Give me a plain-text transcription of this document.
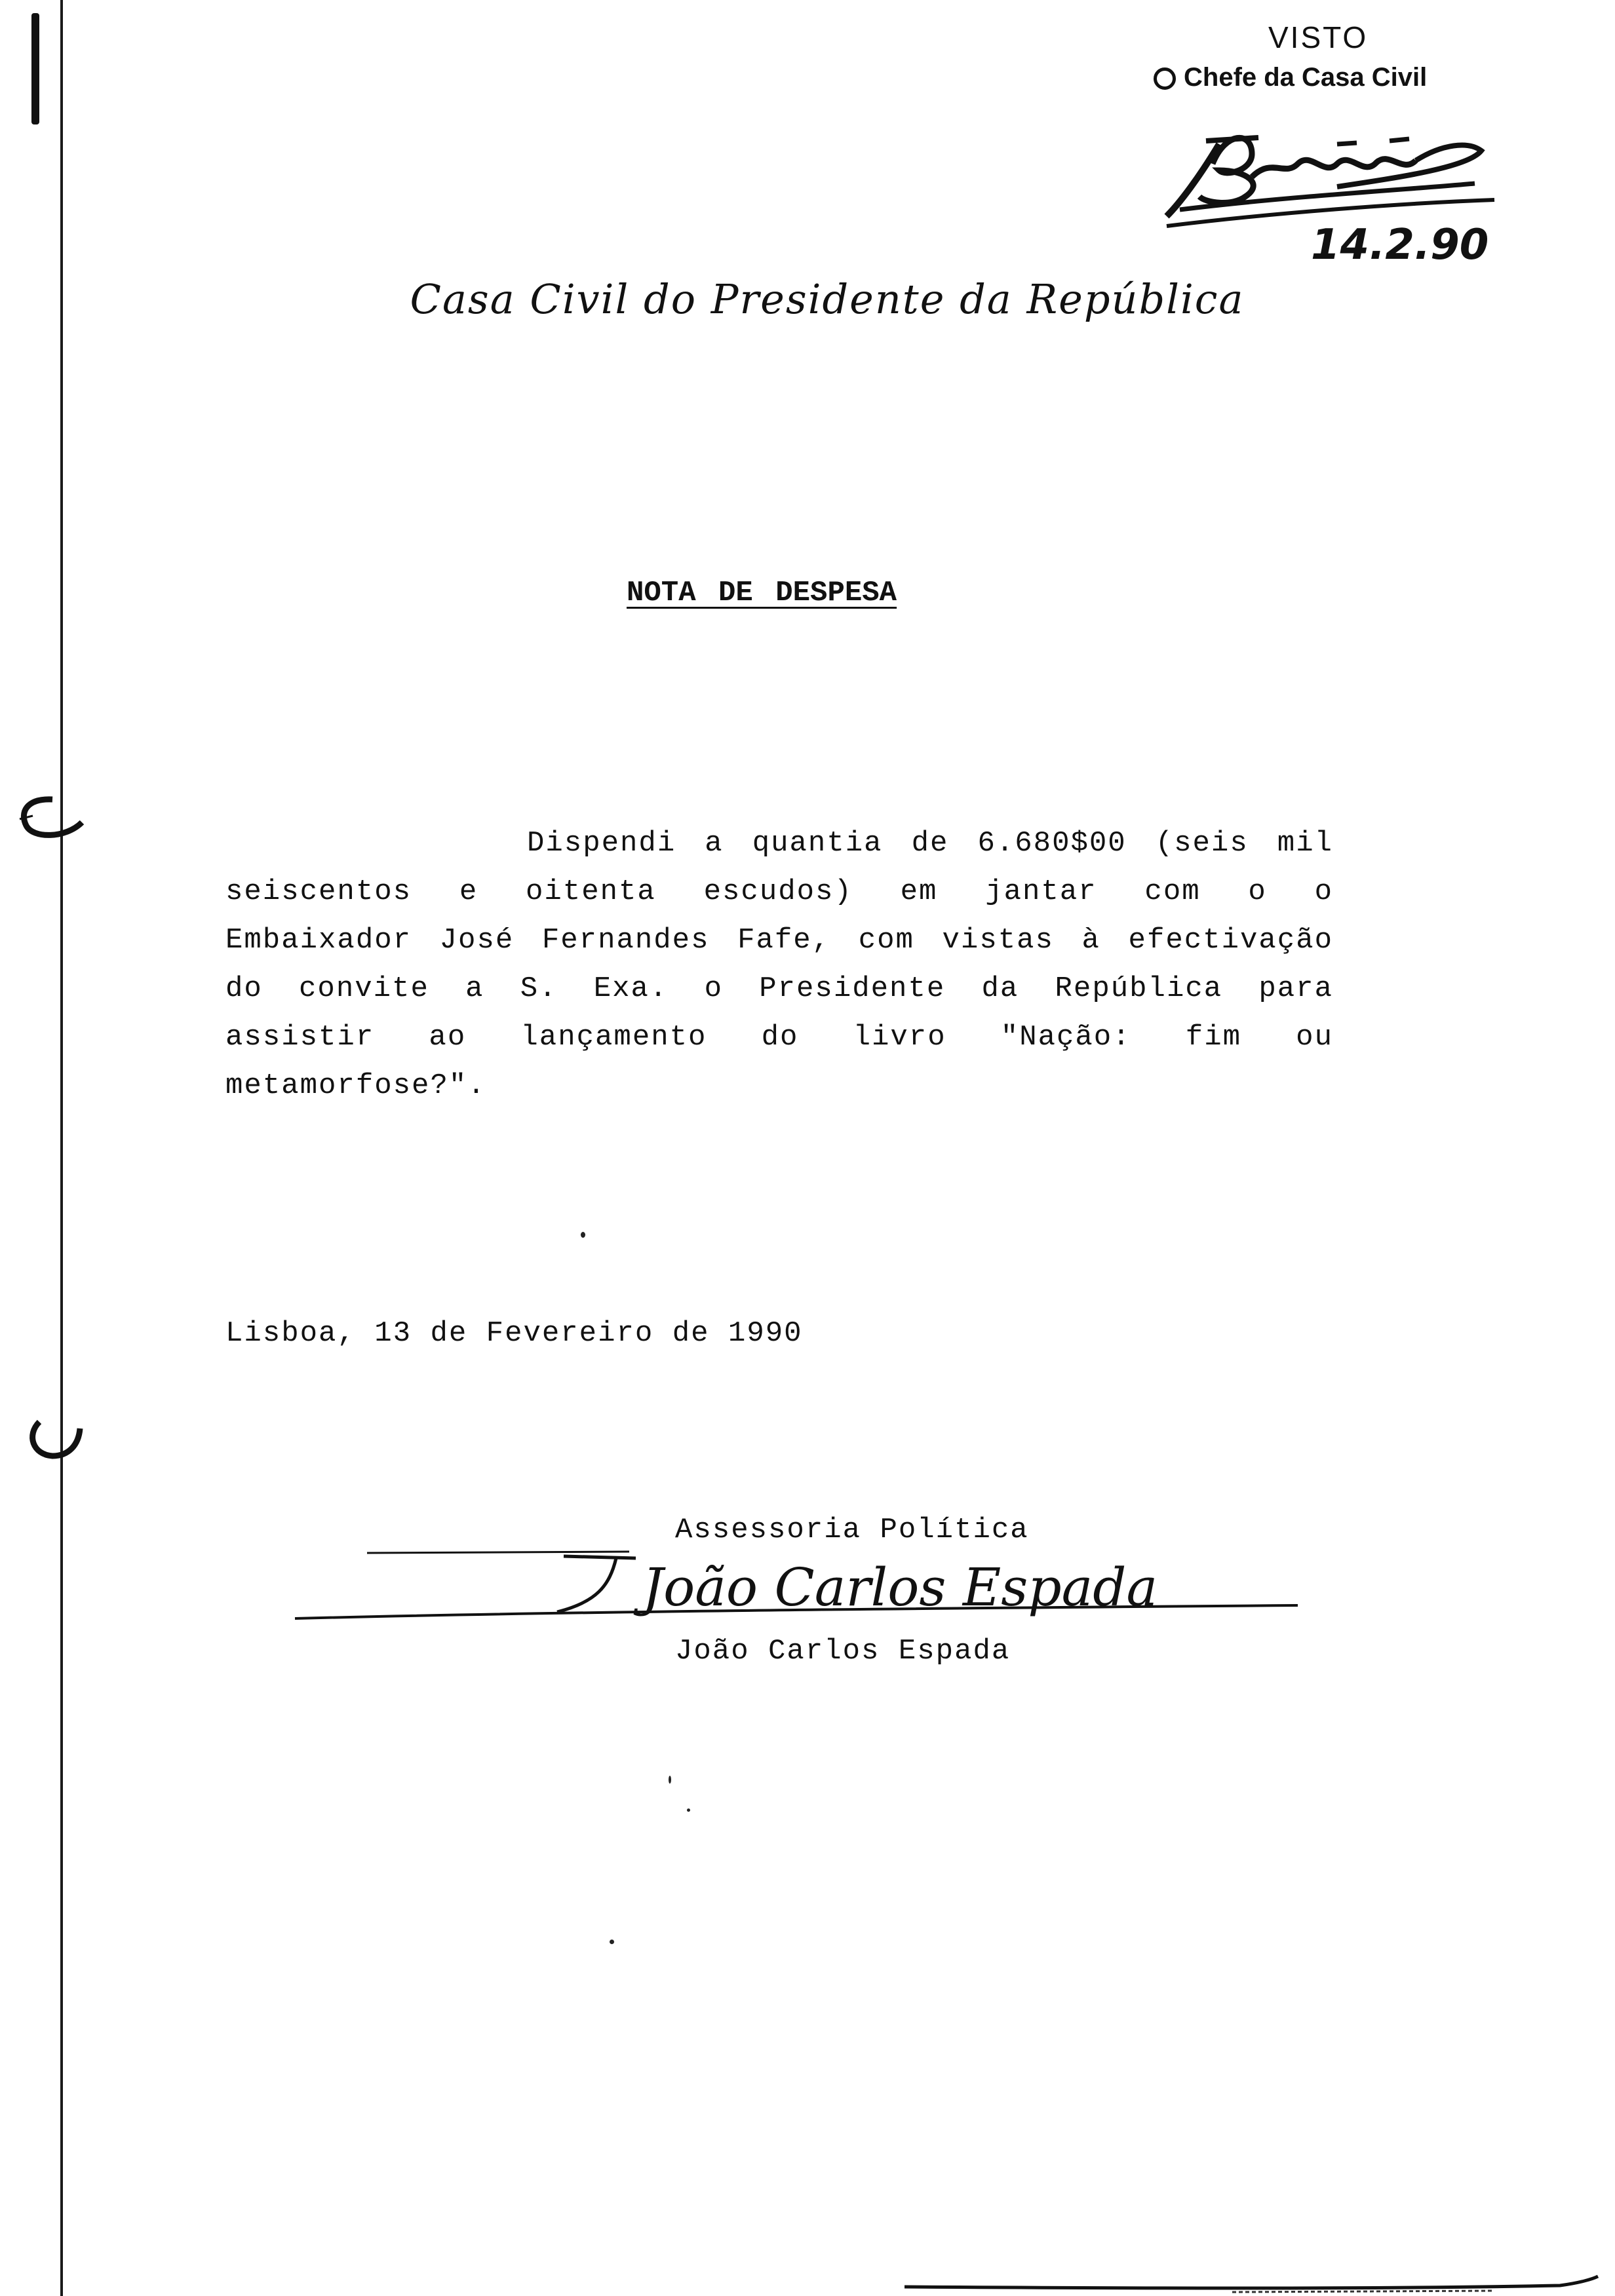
VISTO
Chefe da Casa Civil
14.2.90
Casa Civil do Presidente da República
NOTA DE DESPESA
Dispendi a quantia de 6.680$00 (seis mil seiscentos e oitenta escudos) em jantar com o o Embaixador José Fernandes Fafe, com vistas à efectivação do convite a S. Exa. o Presidente da República para assistir ao lançamento do livro "Nação: fim ou metamorfose?".
Lisboa, 13 de Fevereiro de 1990
Assessoria Política
João Carlos Espada
João Carlos Espada
